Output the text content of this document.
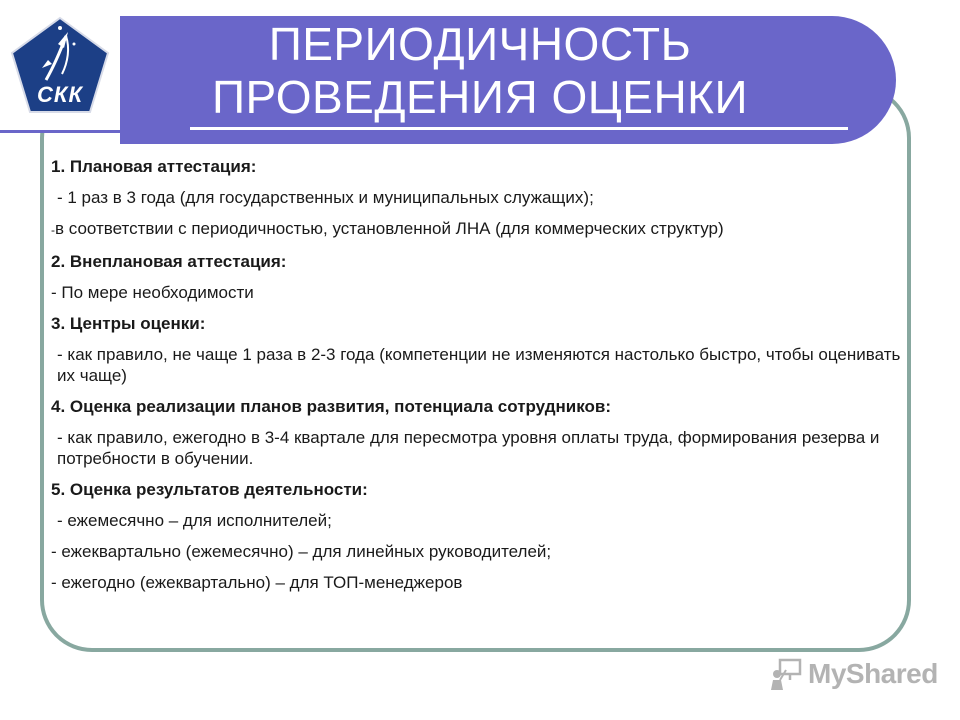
ПЕРИОДИЧНОСТЬ
ПРОВЕДЕНИЯ ОЦЕНКИ
СКК
1. Плановая аттестация:
- 1 раз в 3 года (для государственных и муниципальных служащих);
-в соответствии с периодичностью, установленной ЛНА (для коммерческих структур)
2. Внеплановая аттестация:
- По мере необходимости
3. Центры оценки:
- как правило, не чаще 1 раза в 2-3 года (компетенции не изменяются настолько быстро, чтобы оценивать их чаще)
4. Оценка реализации планов развития, потенциала сотрудников:
- как правило, ежегодно в 3-4 квартале для пересмотра уровня оплаты труда, формирования резерва и потребности в обучении.
5. Оценка результатов деятельности:
- ежемесячно – для исполнителей;
- ежеквартально (ежемесячно) – для линейных руководителей;
- ежегодно (ежеквартально) – для ТОП-менеджеров
MyShared
